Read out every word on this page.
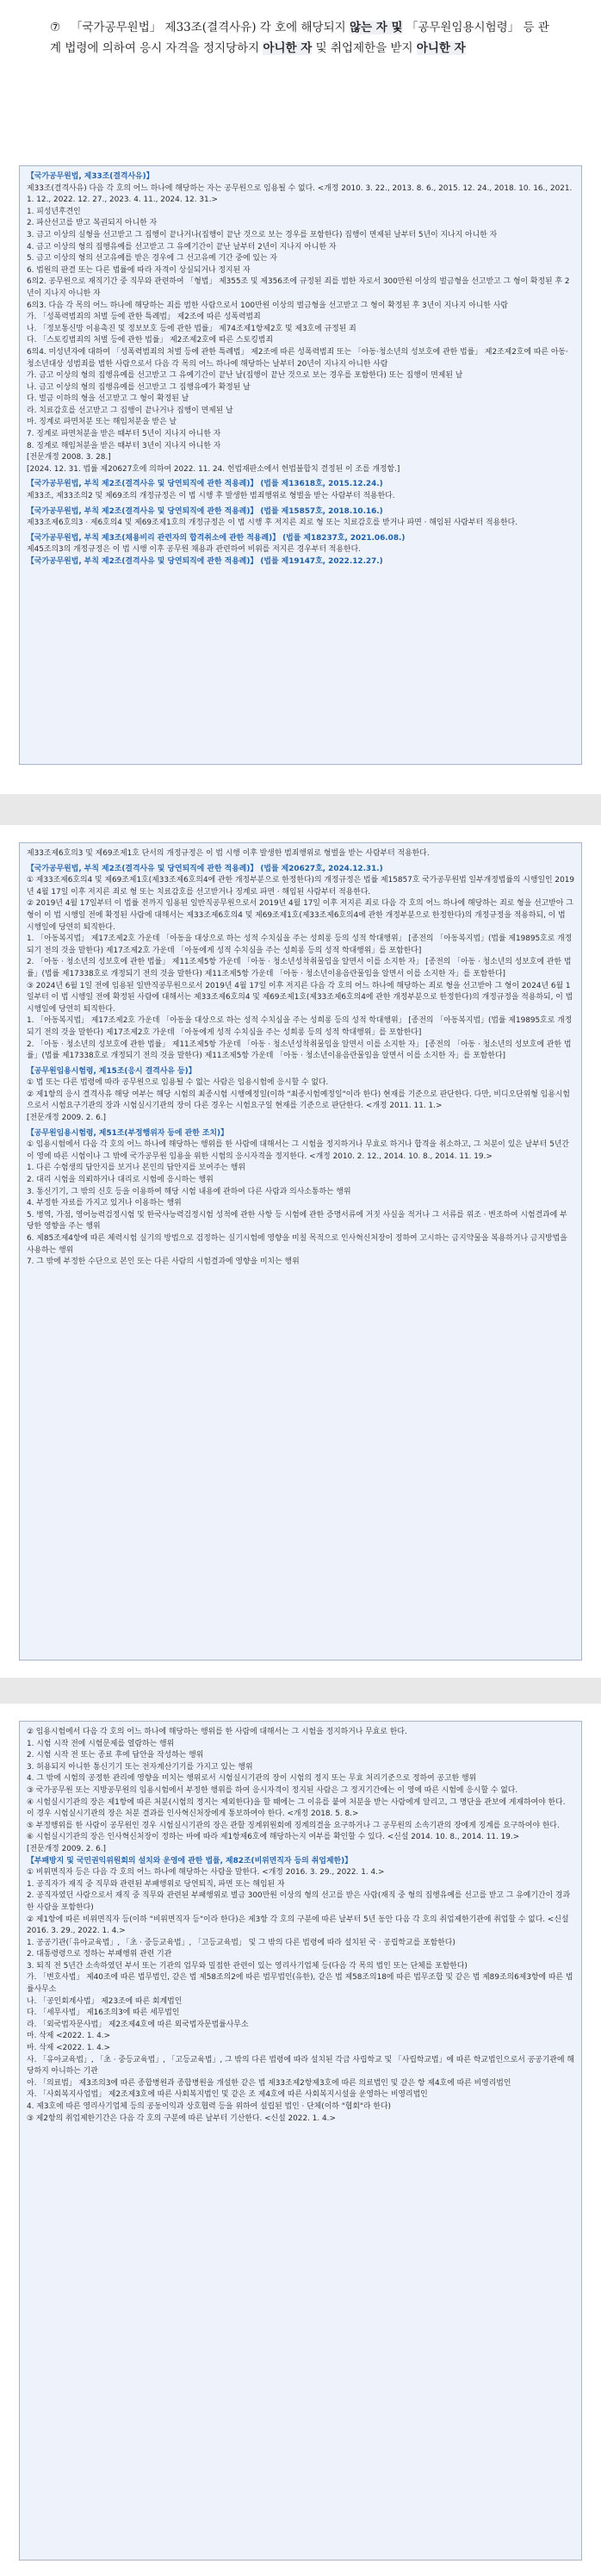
⑦ 「국가공무원법」 제33조(결격사유) 각 호에 해당되지 않는 자 및 「공무원임용시험령」 등 관계 법령에 의하여 응시 자격을 정지당하지 아니한 자 및 취업제한을 받지 아니한 자

【국가공무원법, 제33조(결격사유)】

제33조(결격사유) 다음 각 호의 어느 하나에 해당하는 자는 공무원으로 임용될 수 없다. <개정 2010. 3. 22., 2013. 8. 6., 2015. 12. 24., 2018. 10. 16., 2021. 1. 12., 2022. 12. 27., 2023. 4. 11., 2024. 12. 31.>

1. 피성년후견인

2. 파산선고를 받고 복권되지 아니한 자

3. 금고 이상의 실형을 선고받고 그 집행이 끝나거나(집행이 끝난 것으로 보는 경우를 포함한다) 집행이 면제된 날부터 5년이 지나지 아니한 자

4. 금고 이상의 형의 집행유예를 선고받고 그 유예기간이 끝난 날부터 2년이 지나지 아니한 자

5. 금고 이상의 형의 선고유예를 받은 경우에 그 선고유예 기간 중에 있는 자

6. 법원의 판결 또는 다른 법률에 따라 자격이 상실되거나 정지된 자

6의2. 공무원으로 재직기간 중 직무와 관련하여 「형법」 제355조 및 제356조에 규정된 죄를 범한 자로서 300만원 이상의 벌금형을 선고받고 그 형이 확정된 후 2년이 지나지 아니한 자

6의3. 다음 각 목의 어느 하나에 해당하는 죄를 범한 사람으로서 100만원 이상의 벌금형을 선고받고 그 형이 확정된 후 3년이 지나지 아니한 사람

가. 「성폭력범죄의 처벌 등에 관한 특례법」 제2조에 따른 성폭력범죄

나. 「정보통신망 이용촉진 및 정보보호 등에 관한 법률」 제74조제1항제2호 및 제3호에 규정된 죄

다. 「스토킹범죄의 처벌 등에 관한 법률」 제2조제2호에 따른 스토킹범죄

6의4. 미성년자에 대하여 「성폭력범죄의 처벌 등에 관한 특례법」 제2조에 따른 성폭력범죄 또는 「아동·청소년의 성보호에 관한 법률」 제2조제2호에 따른 아동·청소년대상 성범죄를 범한 사람으로서 다음 각 목의 어느 하나에 해당하는 날부터 20년이 지나지 아니한 사람

가. 금고 이상의 형의 집행유예를 선고받고 그 유예기간이 끝난 날(집행이 끝난 것으로 보는 경우를 포함한다) 또는 집행이 면제된 날

나. 금고 이상의 형의 집행유예를 선고받고 그 집행유예가 확정된 날

다. 벌금 이하의 형을 선고받고 그 형이 확정된 날

라. 치료감호를 선고받고 그 집행이 끝나거나 집행이 면제된 날

마. 징계로 파면처분 또는 해임처분을 받은 날

7. 징계로 파면처분을 받은 때부터 5년이 지나지 아니한 자

8. 징계로 해임처분을 받은 때부터 3년이 지나지 아니한 자

[전문개정 2008. 3. 28.]

[2024. 12. 31. 법률 제20627호에 의하여 2022. 11. 24. 헌법재판소에서 헌법불합치 결정된 이 조를 개정함.]

【국가공무원법, 부칙 제2조(결격사유 및 당연퇴직에 관한 적용례)】 (법률 제13618호, 2015.12.24.)

제33조, 제33조의2 및 제69조의 개정규정은 이 법 시행 후 발생한 범죄행위로 형벌을 받는 사람부터 적용한다.

【국가공무원법, 부칙 제2조(결격사유 및 당연퇴직에 관한 적용례)】 (법률 제15857호, 2018.10.16.)

제33조제6호의3 · 제6호의4 및 제69조제1호의 개정규정은 이 법 시행 후 저지른 죄로 형 또는 치료감호를 받거나 파면 · 해임된 사람부터 적용한다.

【국가공무원법, 부칙 제3조(채용비리 관련자의 합격취소에 관한 적용례)】 (법률 제18237호, 2021.06.08.)

제45조의3의 개정규정은 이 법 시행 이후 공무원 채용과 관련하여 비위를 저지른 경우부터 적용한다.

【국가공무원법, 부칙 제2조(결격사유 및 당연퇴직에 관한 적용례)】 (법률 제19147호, 2022.12.27.)

제33조제6호의3 및 제69조제1호 단서의 개정규정은 이 법 시행 이후 발생한 범죄행위로 형벌을 받는 사람부터 적용한다.

【국가공무원법, 부칙 제2조(결격사유 및 당연퇴직에 관한 적용례)】 (법률 제20627호, 2024.12.31.)

① 제33조제6호의4 및 제69조제1호(제33조제6호의4에 관한 개정부분으로 한정한다)의 개정규정은 법률 제15857호 국가공무원법 일부개정법률의 시행일인 2019년 4월 17일 이후 저지른 죄로 형 또는 치료감호를 선고받거나 징계로 파면 · 해임된 사람부터 적용한다.

② 2019년 4월 17일부터 이 법률 전까지 임용된 일반직공무원으로서 2019년 4월 17일 이후 저지른 죄로 다음 각 호의 어느 하나에 해당하는 죄로 형을 선고받아 그 형이 이 법 시행일 전에 확정된 사람에 대해서는 제33조제6호의4 및 제69조제1호(제33조제6호의4에 관한 개정부분으로 한정한다)의 개정규정을 적용하되, 이 법 시행일에 당연히 퇴직한다.

1. 「아동복지법」 제17조제2호 가운데 「아동을 대상으로 하는 성적 수치심을 주는 성희롱 등의 성적 학대행위」 [종전의 「아동복지법」(법률 제19895호로 개정되기 전의 것을 말한다) 제17조제2호 가운데 「아동에게 성적 수치심을 주는 성희롱 등의 성적 학대행위」를 포함한다]

2. 「아동 · 청소년의 성보호에 관한 법률」 제11조제5항 가운데 「아동 · 청소년성착취물임을 알면서 이를 소지한 자」 [종전의 「아동 · 청소년의 성보호에 관한 법률」(법률 제17338호로 개정되기 전의 것을 말한다) 제11조제5항 가운데 「아동 · 청소년이용음란물임을 알면서 이를 소지한 자」를 포함한다]

③ 2024년 6월 1일 전에 임용된 일반직공무원으로서 2019년 4월 17일 이후 저지른 다음 각 호의 어느 하나에 해당하는 죄로 형을 선고받아 그 형이 2024년 6월 1일부터 이 법 시행일 전에 확정된 사람에 대해서는 제33조제6호의4 및 제69조제1호(제33조제6호의4에 관한 개정부분으로 한정한다)의 개정규정을 적용하되, 이 법 시행일에 당연히 퇴직한다.

1. 「아동복지법」 제17조제2호 가운데 「아동을 대상으로 하는 성적 수치심을 주는 성희롱 등의 성적 학대행위」 [종전의 「아동복지법」(법률 제19895호로 개정되기 전의 것을 말한다) 제17조제2호 가운데 「아동에게 성적 수치심을 주는 성희롱 등의 성적 학대행위」를 포함한다]

2. 「아동 · 청소년의 성보호에 관한 법률」 제11조제5항 가운데 「아동 · 청소년성착취물임을 알면서 이를 소지한 자」 [종전의 「아동 · 청소년의 성보호에 관한 법률」(법률 제17338호로 개정되기 전의 것을 말한다) 제11조제5항 가운데 「아동 · 청소년이용음란물임을 알면서 이를 소지한 자」를 포함한다]

【공무원임용시험령, 제15조(응시 결격사유 등)】

① 법 또는 다른 법령에 따라 공무원으로 임용될 수 없는 사람은 임용시험에 응시할 수 없다.

② 제1항의 응시 결격사유 해당 여부는 해당 시험의 최종시험 시행예정일(이하 "최종시험예정일"이라 한다) 현재를 기준으로 판단한다. 다만, 비디오단위형 임용시험으로서 시험요구기관의 장과 시험실시기관의 장이 다른 경우는 시험요구일 현재를 기준으로 판단한다. <개정 2011. 11. 1.>

[전문개정 2009. 2. 6.]

【공무원임용시험령, 제51조(부정행위자 등에 관한 조치)】

① 임용시험에서 다음 각 호의 어느 하나에 해당하는 행위를 한 사람에 대해서는 그 시험을 정지하거나 무효로 하거나 합격을 취소하고, 그 처분이 있은 날부터 5년간 이 영에 따른 시험이나 그 밖에 국가공무원 임용을 위한 시험의 응시자격을 정지한다. <개정 2010. 2. 12., 2014. 10. 8., 2014. 11. 19.>

1. 다른 수험생의 답안지를 보거나 본인의 답안지를 보여주는 행위

2. 대리 시험을 의뢰하거나 대리로 시험에 응시하는 행위

3. 통신기기, 그 밖의 신호 등을 이용하여 해당 시험 내용에 관하여 다른 사람과 의사소통하는 행위

4. 부정한 자료를 가지고 있거나 이용하는 행위

5. 병역, 가점, 영어능력검정시험 및 한국사능력검정시험 성적에 관한 사항 등 시험에 관한 증명서류에 거짓 사실을 적거나 그 서류를 위조 · 변조하여 시험결과에 부당한 영향을 주는 행위

6. 제85조제4항에 따른 체력시험 실기의 방법으로 검정하는 실기시험에 영향을 미칠 목적으로 인사혁신처장이 정하여 고시하는 금지약물을 복용하거나 금지방법을 사용하는 행위

7. 그 밖에 부정한 수단으로 본인 또는 다른 사람의 시험결과에 영향을 미치는 행위

② 임용시험에서 다음 각 호의 어느 하나에 해당하는 행위를 한 사람에 대해서는 그 시험을 정지하거나 무효로 한다.

1. 시험 시작 전에 시험문제를 열람하는 행위

2. 시험 시작 전 또는 종료 후에 답안을 작성하는 행위

3. 허용되지 아니한 통신기기 또는 전자계산기기를 가지고 있는 행위

4. 그 밖에 시험의 공정한 관리에 영향을 미치는 행위로서 시험실시기관의 장이 시험의 정지 또는 무효 처리기준으로 정하여 공고한 행위

③ 국가공무원 또는 지방공무원의 임용시험에서 부정한 행위를 하여 응시자격이 정지된 사람은 그 정지기간에는 이 영에 따른 시험에 응시할 수 없다.

④ 시험실시기관의 장은 제1항에 따른 처분(시험의 정지는 제외한다)을 할 때에는 그 이유를 붙여 처분을 받는 사람에게 알리고, 그 명단을 관보에 게재하여야 한다. 이 경우 시험실시기관의 장은 처분 결과를 인사혁신처장에게 통보하여야 한다. <개정 2018. 5. 8.>

⑤ 부정행위를 한 사람이 공무원인 경우 시험실시기관의 장은 관할 징계위원회에 징계의결을 요구하거나 그 공무원의 소속기관의 장에게 징계를 요구하여야 한다.

⑥ 시험실시기관의 장은 인사혁신처장이 정하는 바에 따라 제1항제6호에 해당하는지 여부를 확인할 수 있다. <신설 2014. 10. 8., 2014. 11. 19.>

[전문개정 2009. 2. 6.]

【부패방지 및 국민권익위원회의 설치와 운영에 관한 법률, 제82조(비위면직자 등의 취업제한)】

① 비위면직자 등은 다음 각 호의 어느 하나에 해당하는 사람을 말한다. <개정 2016. 3. 29., 2022. 1. 4.>

1. 공직자가 재직 중 직무와 관련된 부패행위로 당연퇴직, 파면 또는 해임된 자

2. 공직자였던 사람으로서 재직 중 직무와 관련된 부패행위로 벌금 300만원 이상의 형의 선고를 받은 사람(재직 중 형의 집행유예를 선고를 받고 그 유예기간이 경과한 사람을 포함한다)

② 제1항에 따른 비위면직자 등(이하 "비위면직자 등"이라 한다)은 제3항 각 호의 구분에 따른 날부터 5년 동안 다음 각 호의 취업제한기관에 취업할 수 없다. <신설 2016. 3. 29., 2022. 1. 4.>

1. 공공기관(「유아교육법」, 「초 · 중등교육법」, 「고등교육법」 및 그 밖의 다른 법령에 따라 설치된 국 · 공립학교를 포함한다)

2. 대통령령으로 정하는 부패행위 관련 기관

3. 퇴직 전 5년간 소속하였던 부서 또는 기관의 업무와 밀접한 관련이 있는 영리사기업체 등(다음 각 목의 법인 또는 단체를 포함한다)

가. 「변호사법」 제40조에 따른 법무법인, 같은 법 제58조의2에 따른 법무법인(유한), 같은 법 제58조의18에 따른 법무조합 및 같은 법 제89조의6제3항에 따른 법률사무소

나. 「공인회계사법」 제23조에 따른 회계법인

다. 「세무사법」 제16조의3에 따른 세무법인

라. 「외국법자문사법」 제2조제4호에 따른 외국법자문법률사무소

마. 삭제 <2022. 1. 4.>

바. 삭제 <2022. 1. 4.>

사. 「유아교육법」, 「초 · 중등교육법」, 「고등교육법」, 그 밖의 다른 법령에 따라 설치된 각급 사립학교 및 「사립학교법」에 따른 학교법인으로서 공공기관에 해당하지 아니하는 기관

아. 「의료법」 제3조의3에 따른 종합병원과 종합병원을 개설한 같은 법 제33조제2항제3호에 따른 의료법인 및 같은 항 제4호에 따른 비영리법인

자. 「사회복지사업법」 제2조제3호에 따른 사회복지법인 및 같은 조 제4호에 따른 사회복지시설을 운영하는 비영리법인

4. 제3호에 따른 영리사기업체 등의 공동이익과 상호협력 등을 위하여 설립된 법인 · 단체(이하 "협회"라 한다)

③ 제2항의 취업제한기간은 다음 각 호의 구분에 따른 날부터 기산한다. <신설 2022. 1. 4.>
